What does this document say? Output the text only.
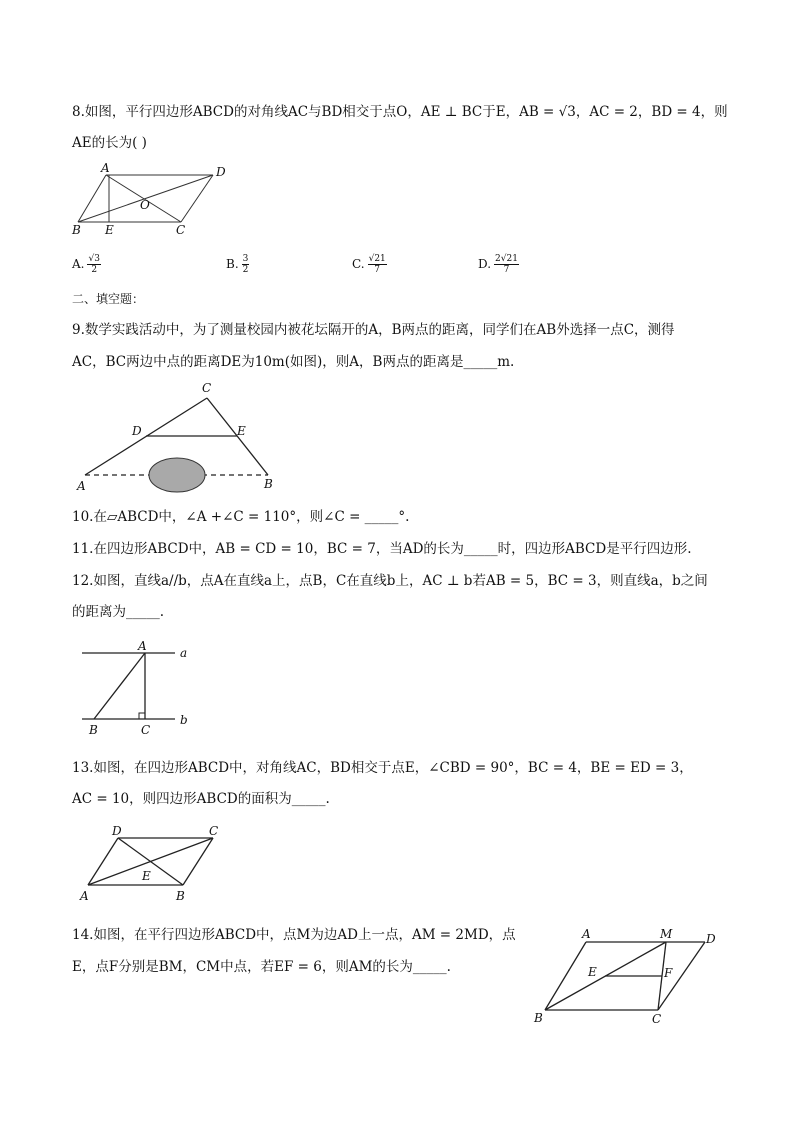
8.如图，平行四边形ABCD的对角线AC与BD相交于点O，AE ⊥ BC于E，AB = √3，AC = 2，BD = 4，则
AE的长为( )
A	D
B E	C
O
A. $\frac{√3}{2}$	B. $\frac{3}{2}$	C. $\frac{√21}{7}$	D. $\frac{2√21}{7}$
二、填空题：
9.数学实践活动中，为了测量校园内被花坛隔开的A，B两点的距离，同学们在AB外选择一点C，测得
AC，BC两边中点的距离DE为10m(如图)，则A，B两点的距离是_____m.
C
D	E
A	B
10.在▱ABCD中，∠A +∠C = 110°，则∠C = _____°.
11.在四边形ABCD中，AB = CD = 10，BC = 7，当AD的长为_____时，四边形ABCD是平行四边形.
12.如图，直线a//b，点A在直线a上，点B，C在直线b上，AC ⊥ b若AB = 5，BC = 3，则直线a，b之间
的距离为_____.
A	a
B	C
b
13.如图，在四边形ABCD中，对角线AC，BD相交于点E，∠CBD = 90°，BC = 4，BE = ED = 3，
AC = 10，则四边形ABCD的面积为_____.
D	C
E
A	B
14.如图，在平行四边形ABCD中，点M为边AD上一点，AM = 2MD，点
E，点F分别是BM，CM中点，若EF = 6，则AM的长为_____.
A	M	D
E	F
B	C
